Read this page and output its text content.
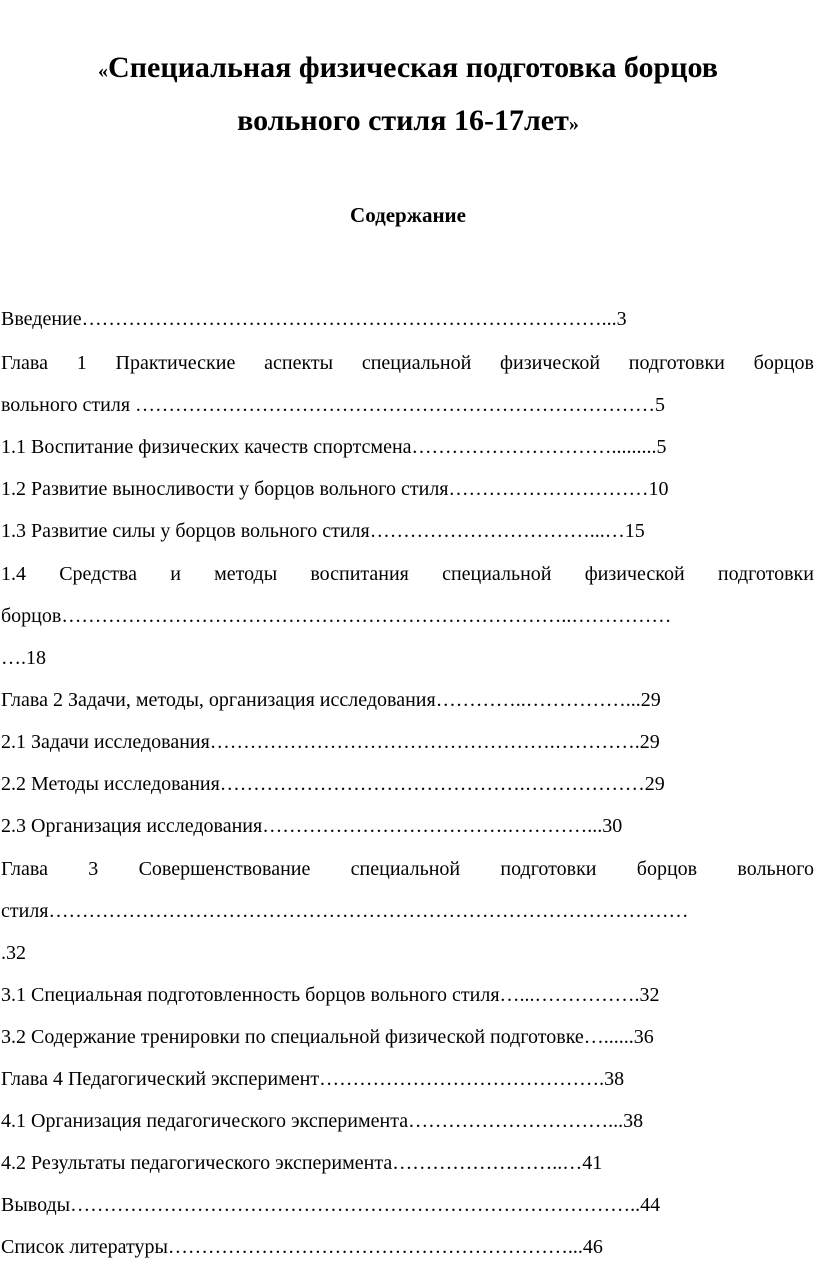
«Специальная физическая подготовка борцов
вольного стиля 16-17лет»
Содержание
Введение……………………………………………………………………...3
Глава 1 Практические аспекты специальной физической подготовки борцов
вольного стиля ……………………………………………………………………5
1.1 Воспитание физических качеств спортсмена………………………….........5
1.2 Развитие выносливости у борцов вольного стиля…………………………10
1.3 Развитие силы у борцов вольного стиля……………………………...…15
1.4 Средства и методы воспитания специальной физической подготовки
борцов…………………………………………………………………..……………
….18
Глава 2 Задачи, методы, организация исследования…………..……………...29
2.1 Задачи исследования…………………………………………….………….29
2.2 Методы исследования……………………………………….………………29
2.3 Организация исследования……………………………….…………...30
Глава 3 Совершенствование специальной подготовки борцов вольного
стиля……………………………………………………………………………………
.32
3.1 Специальная подготовленность борцов вольного стиля…...…………….32
3.2 Содержание тренировки по специальной физической подготовке…......36
Глава 4 Педагогический эксперимент…………………………………….38
4.1 Организация педагогического эксперимента…………………………...38
4.2 Результаты педагогического эксперимента……………………..…41
Выводы…………………………………………………………………………..44
Список литературы……………………………………………………...46
